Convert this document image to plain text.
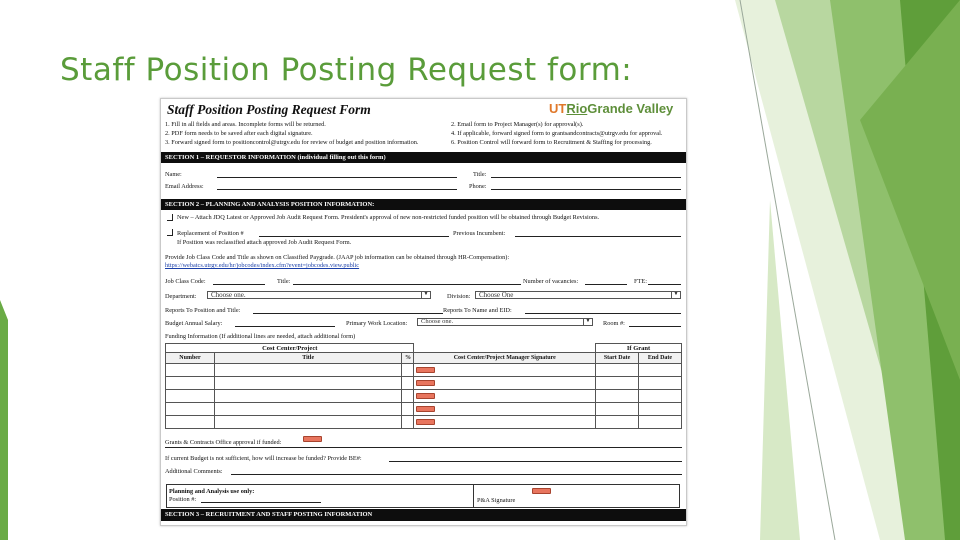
Staff Position Posting Request form:
Staff Position Posting Request Form	UTRioGrande Valley
1. Fill in all fields and areas. Incomplete forms will be returned.
2. PDF form needs to be saved after each digital signature.
3. Forward signed form to positioncontrol@utrgv.edu for review of budget and position information.
2. Email form to Project Manager(s) for approval(s).
4. If applicable, forward signed form to grantsandcontracts@utrgv.edu for approval.
6. Position Control will forward form to Recruitment & Staffing for processing.
SECTION 1 – REQUESTOR INFORMATION (individual filling out this form)
Name:	Title:
Email Address:	Phone:
SECTION 2 – PLANNING AND ANALYSIS POSITION INFORMATION:
New – Attach JDQ Latest or Approved Job Audit Request Form. President's approval of new non-restricted funded position will be obtained through Budget Revisions.
Replacement of Position #	Previous Incumbent:
If Position was reclassified attach approved Job Audit Request Form.
Provide Job Class Code and Title as shown on Classified Paygrade. (JAAP job information can be obtained through HR-Compensation):
https://webatcs.utrgv.edu/hr/jobcodes/index.cfm?event=jobcodes.view.public
Job Class Code:	Title:	Number of vacancies:	FTE:
Department: Choose one.	▼	Division: Choose One	▼
Reports To Position and Title:	Reports To Name and EID:
Budget Annual Salary:	Primary Work Location: Choose one.	▼ Room #:
Funding Information (If additional lines are needed, attach additional form)
Cost Center/Project				If Grant	
Number	Title	%	Cost Center/Project Manager Signature	Start Date	End Date

Grants & Contracts Office approval if funded:
If current Budget is not sufficient, how will increase be funded? Provide BE#:
Additional Comments:
Planning and Analysis use only:
Position #:	P&A Signature
SECTION 3 – RECRUITMENT AND STAFF POSTING INFORMATION
